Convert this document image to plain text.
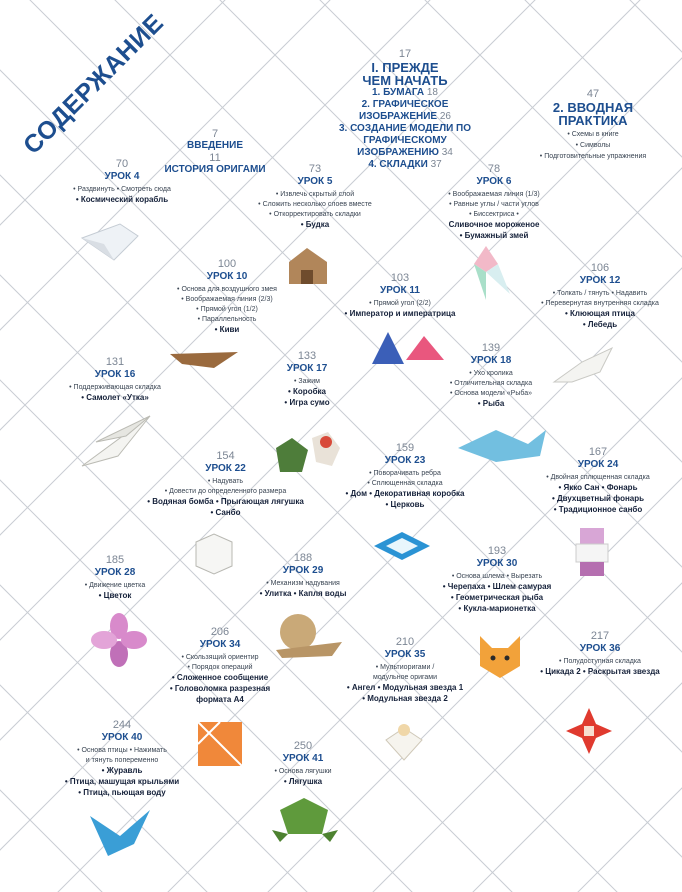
СОДЕРЖАНИЕ	7
ВВЕДЕНИЕ
11
ИСТОРИЯ ОРИГАМИ
17
I. ПРЕЖДЕ ЧЕМ НАЧАТЬ
1. БУМАГА 18
2. ГРАФИЧЕСКОЕ ИЗОБРАЖЕНИЕ 26
3. СОЗДАНИЕ МОДЕЛИ ПО ГРАФИЧЕСКОМУ ИЗОБРАЖЕНИЮ 34
4. СКЛАДКИ 37
47
2. ВВОДНАЯ ПРАКТИКА
• Схемы в книге
• Символы
• Подготовительные упражнения
70
УРОК 4
• Раздвинуть • Смотреть сюда
• Космический корабль
73
УРОК 5
• Извлечь скрытый слой
• Сложить несколько слоев вместе
• Откорректировать складки
• Будка
78
УРОК 6
• Воображаемая линия (1/3)
• Равные углы / части углов
• Биссектриса •
Сливочное мороженое
• Бумажный змей
100
УРОК 10
• Основа для воздушного змея
• Воображаемая линия (2/3)
• Прямой угол (1/2)
• Параллельность
• Киви
103
УРОК 11
• Прямой угол (2/2)
• Император и императрица
106
УРОК 12
• Толкать / тянуть • Надавить
• Перевернутая внутренняя складка
• Клюющая птица
• Лебедь
131
УРОК 16
• Поддерживающая складка
• Самолет «Утка»
133
УРОК 17
• Зажим
• Коробка
• Игра сумо
139
УРОК 18
• Ухо кролика
• Отличительная складка
• Основа модели «Рыба»
• Рыба
154
УРОК 22
• Надувать
• Довести до определенного размера
• Водяная бомба • Прыгающая лягушка
• Санбо
159
УРОК 23
• Поворачивать ребра
• Сплющенная складка
• Дом • Декоративная коробка
• Церковь
167
УРОК 24
• Двойная сплющенная складка
• Якко Сан • Фонарь
• Двухцветный фонарь
• Традиционное санбо
185
УРОК 28
• Движение цветка
• Цветок
188
УРОК 29
• Механизм надувания
• Улитка • Капля воды
193
УРОК 30
• Основа шлема • Вырезать
• Черепаха • Шлем самурая
• Геометрическая рыба
• Кукла-марионетка
206
УРОК 34
• Скользящий ориентир
• Порядок операций
• Сложенное сообщение
• Головоломка разрезная
формата А4
210
УРОК 35
• Мультиоригами /
модульное оригами
• Ангел • Модульная звезда 1
• Модульная звезда 2
217
УРОК 36
• Полудоступная складка
• Цикада 2 • Раскрытая звезда
244
УРОК 40
• Основа птицы • Нажимать
и тянуть попеременно
• Журавль
• Птица, машущая крыльями
• Птица, пьющая воду
250
УРОК 41
• Основа лягушки
• Лягушка
